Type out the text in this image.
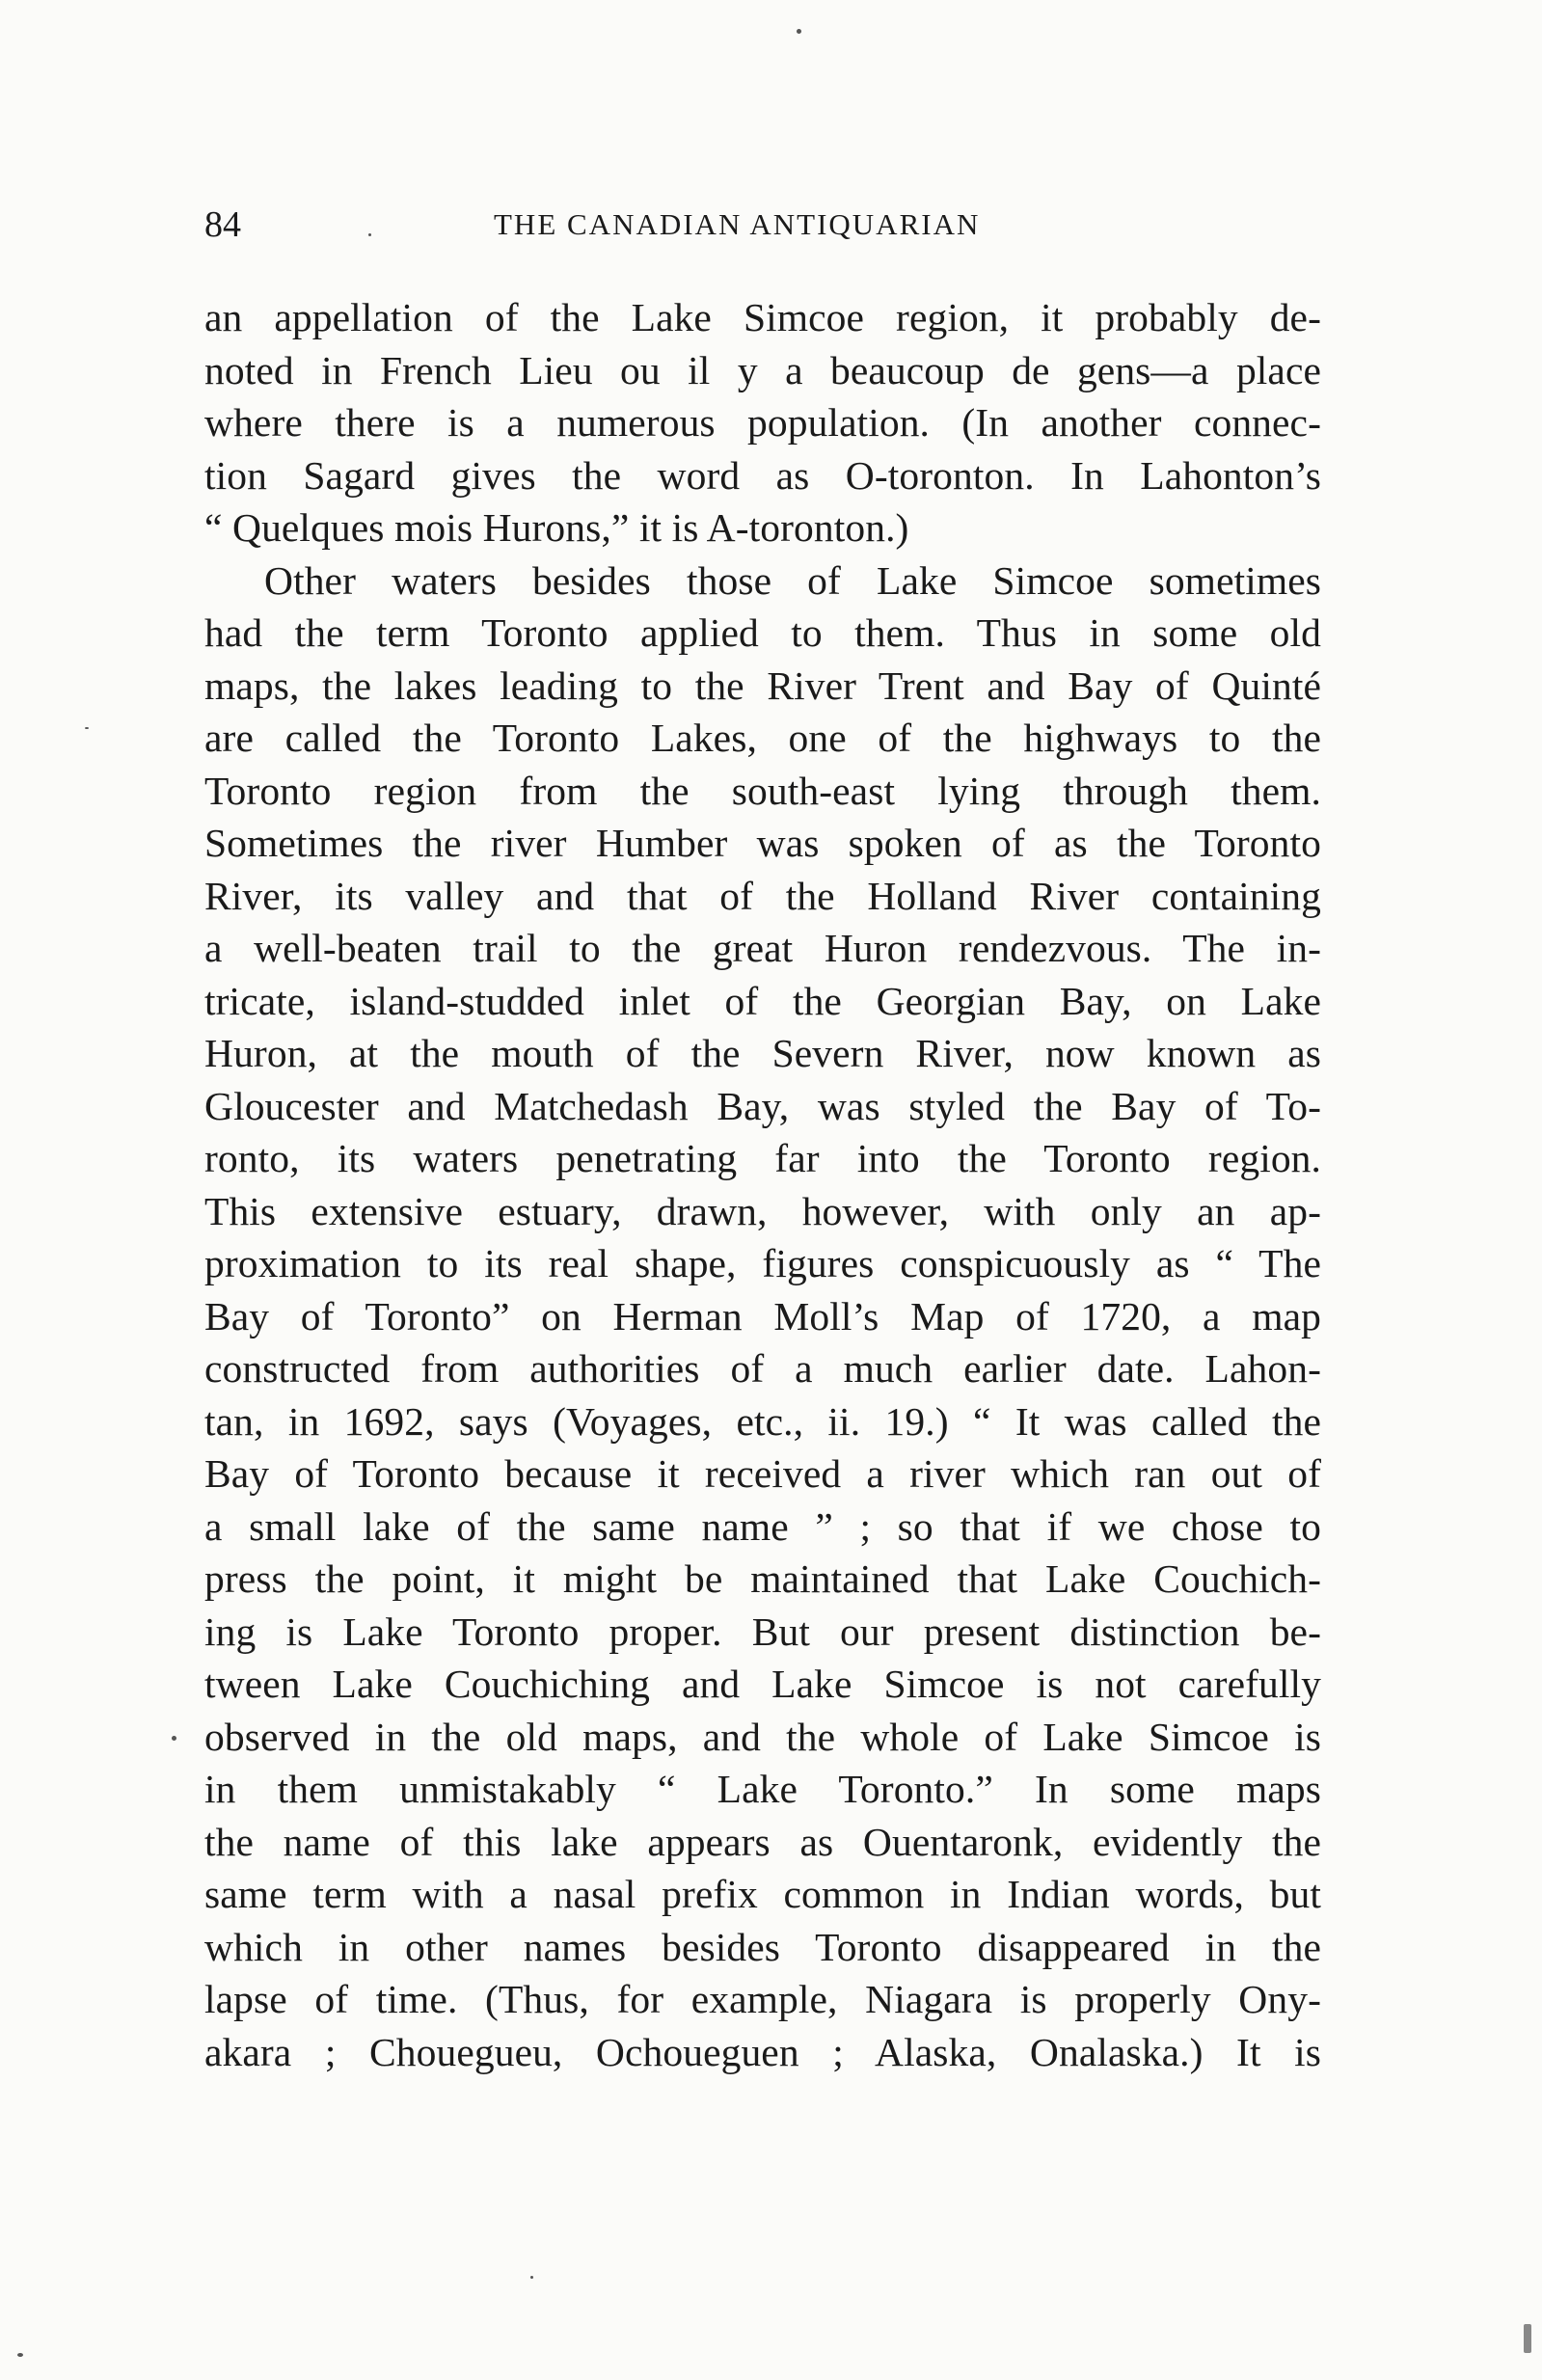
84	THE CANADIAN ANTIQUARIAN
an appellation of the Lake Simcoe region, it probably de-
noted in French Lieu ou il y a beaucoup de gens—a place
where there is a numerous population. (In another connec-
tion Sagard gives the word as O-toronton. In Lahonton’s
“ Quelques mois Hurons,” it is A-toronton.)
Other waters besides those of Lake Simcoe sometimes
had the term Toronto applied to them. Thus in some old
maps, the lakes leading to the River Trent and Bay of Quinté
are called the Toronto Lakes, one of the highways to the
Toronto region from the south-east lying through them.
Sometimes the river Humber was spoken of as the Toronto
River, its valley and that of the Holland River containing
a well-beaten trail to the great Huron rendezvous. The in-
tricate, island-studded inlet of the Georgian Bay, on Lake
Huron, at the mouth of the Severn River, now known as
Gloucester and Matchedash Bay, was styled the Bay of To-
ronto, its waters penetrating far into the Toronto region.
This extensive estuary, drawn, however, with only an ap-
proximation to its real shape, figures conspicuously as “ The
Bay of Toronto” on Herman Moll’s Map of 1720, a map
constructed from authorities of a much earlier date. Lahon-
tan, in 1692, says (Voyages, etc., ii. 19.) “ It was called the
Bay of Toronto because it received a river which ran out of
a small lake of the same name ” ; so that if we chose to
press the point, it might be maintained that Lake Couchich-
ing is Lake Toronto proper. But our present distinction be-
tween Lake Couchiching and Lake Simcoe is not carefully
observed in the old maps, and the whole of Lake Simcoe is
in them unmistakably “ Lake Toronto.” In some maps
the name of this lake appears as Ouentaronk, evidently the
same term with a nasal prefix common in Indian words, but
which in other names besides Toronto disappeared in the
lapse of time. (Thus, for example, Niagara is properly Ony-
akara ; Chouegueu, Ochoueguen ; Alaska, Onalaska.) It is
